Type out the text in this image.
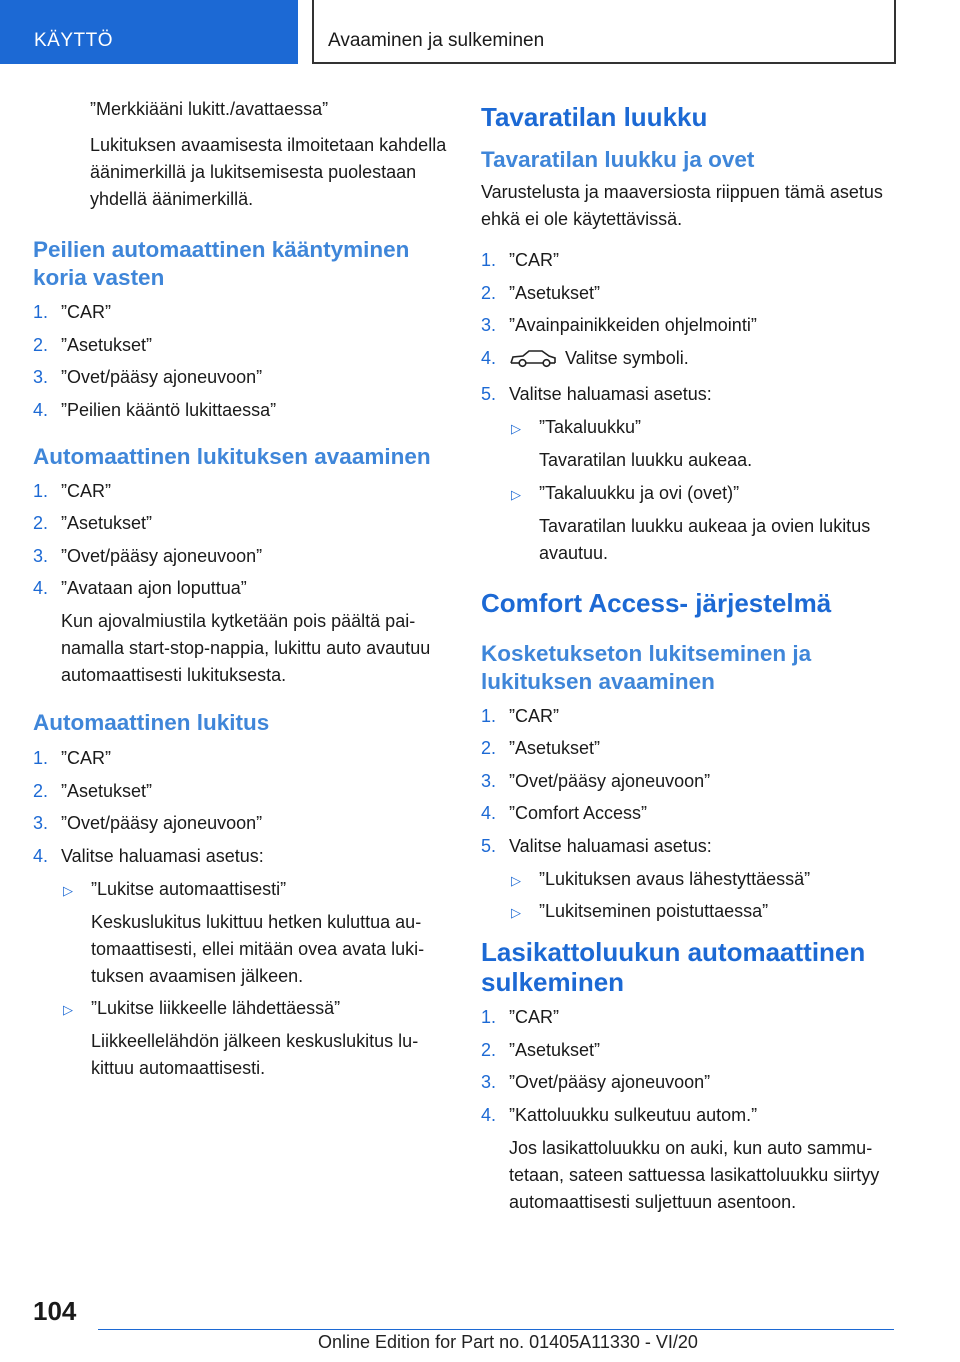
KÄYTTÖ	Avaaminen ja sulkeminen

”Merkkiääni lukitt./avattaessa”

Lukituksen avaamisesta ilmoitetaan kahdella äänimerkillä ja lukitsemisesta puolestaan yhdellä äänimerkillä.

Peilien automaattinen kääntyminen koria vasten
1. ”CAR”
2. ”Asetukset”
3. ”Ovet/pääsy ajoneuvoon”
4. ”Peilien kääntö lukittaessa”
Automaattinen lukituksen avaaminen
1. ”CAR”
2. ”Asetukset”
3. ”Ovet/pääsy ajoneuvoon”
4. ”Avataan ajon loputtua”

Kun ajovalmiustila kytketään pois päältä painamalla start-stop-nappia, lukittu auto avautuu automaattisesti lukituksesta.

Automaattinen lukitus
1. ”CAR”
2. ”Asetukset”
3. ”Ovet/pääsy ajoneuvoon”
4. Valitse haluamasi asetus:
▷ ”Lukitse automaattisesti”

Keskuslukitus lukittuu hetken kuluttua automaattisesti, ellei mitään ovea avata lukituksen avaamisen jälkeen.

▷ ”Lukitse liikkeelle lähdettäessä”

Liikkeellelähdön jälkeen keskuslukitus lukittuu automaattisesti.

Tavaratilan luukku
Tavaratilan luukku ja ovet

Varustelusta ja maaversiosta riippuen tämä asetus ehkä ei ole käytettävissä.

1. ”CAR”
2. ”Asetukset”
3. ”Avainpainikkeiden ohjelmointi”
4.	Valitse symboli.
5. Valitse haluamasi asetus:
▷ ”Takaluukku”

Tavaratilan luukku aukeaa.

▷ ”Takaluukku ja ovi (ovet)”

Tavaratilan luukku aukeaa ja ovien lukitus avautuu.

Comfort Access- järjestelmä
Kosketukseton lukitseminen ja lukituksen avaaminen
1. ”CAR”
2. ”Asetukset”
3. ”Ovet/pääsy ajoneuvoon”
4. ”Comfort Access”
5. Valitse haluamasi asetus:
▷ ”Lukituksen avaus lähestyttäessä”
▷ ”Lukitseminen poistuttaessa”
Lasikattoluukun automaattinen sulkeminen
1. ”CAR”
2. ”Asetukset”
3. ”Ovet/pääsy ajoneuvoon”
4. ”Kattoluukku sulkeutuu autom.”

Jos lasikattoluukku on auki, kun auto sammutetaan, sateen sattuessa lasikattoluukku siirtyy automaattisesti suljettuun asentoon.

104
Online Edition for Part no. 01405A11330 - VI/20
